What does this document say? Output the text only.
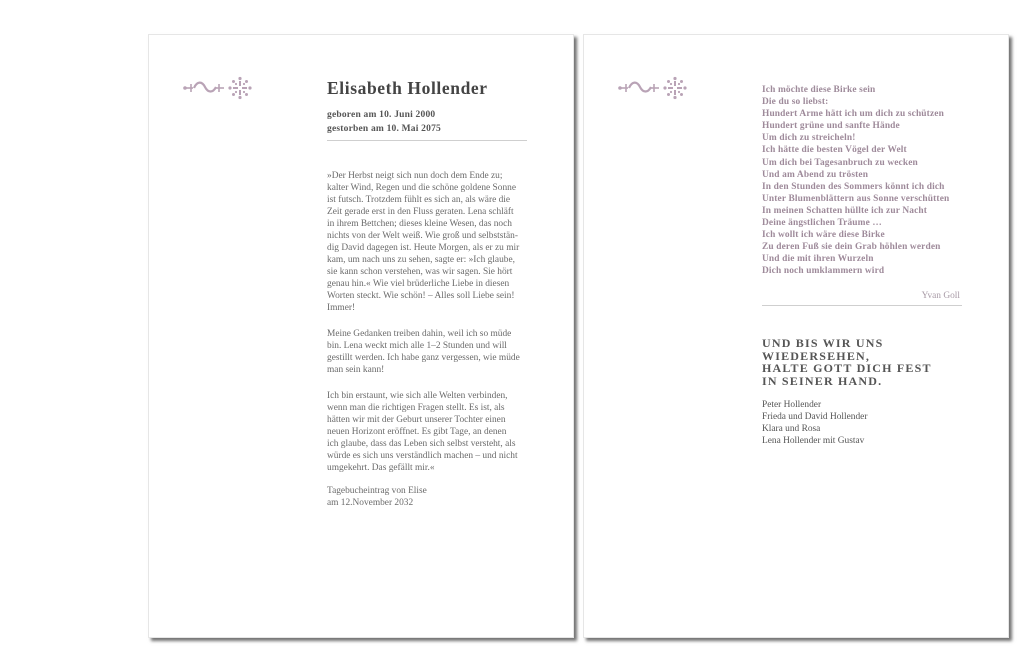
Elisabeth Hollender
geboren am 10. Juni 2000
gestorben am 10. Mai 2075
»Der Herbst neigt sich nun doch dem Ende zu;
kalter Wind, Regen und die schöne goldene Sonne
ist futsch. Trotzdem fühlt es sich an, als wäre die
Zeit gerade erst in den Fluss geraten. Lena schläft
in ihrem Bettchen; dieses kleine Wesen, das noch
nichts von der Welt weiß. Wie groß und selbststän-
dig David dagegen ist. Heute Morgen, als er zu mir
kam, um nach uns zu sehen, sagte er: »Ich glaube,
sie kann schon verstehen, was wir sagen. Sie hört
genau hin.« Wie viel brüderliche Liebe in diesen
Worten steckt. Wie schön! – Alles soll Liebe sein!
Immer!
Meine Gedanken treiben dahin, weil ich so müde
bin. Lena weckt mich alle 1–2 Stunden und will
gestillt werden. Ich habe ganz vergessen, wie müde
man sein kann!
Ich bin erstaunt, wie sich alle Welten verbinden,
wenn man die richtigen Fragen stellt. Es ist, als
hätten wir mit der Geburt unserer Tochter einen
neuen Horizont eröffnet. Es gibt Tage, an denen
ich glaube, dass das Leben sich selbst versteht, als
würde es sich uns verständlich machen – und nicht
umgekehrt. Das gefällt mir.«
Tagebucheintrag von Elise
am 12.November 2032
Ich möchte diese Birke sein
Die du so liebst:
Hundert Arme hätt ich um dich zu schützen
Hundert grüne und sanfte Hände
Um dich zu streicheln!
Ich hätte die besten Vögel der Welt
Um dich bei Tagesanbruch zu wecken
Und am Abend zu trösten
In den Stunden des Sommers könnt ich dich
Unter Blumenblättern aus Sonne verschütten
In meinen Schatten hüllte ich zur Nacht
Deine ängstlichen Träume …
Ich wollt ich wäre diese Birke
Zu deren Fuß sie dein Grab höhlen werden
Und die mit ihren Wurzeln
Dich noch umklammern wird
Yvan Goll
UND BIS WIR UNS
WIEDERSEHEN,
HALTE GOTT DICH FEST
IN SEINER HAND.
Peter Hollender
Frieda und David Hollender
Klara und Rosa
Lena Hollender mit Gustav
